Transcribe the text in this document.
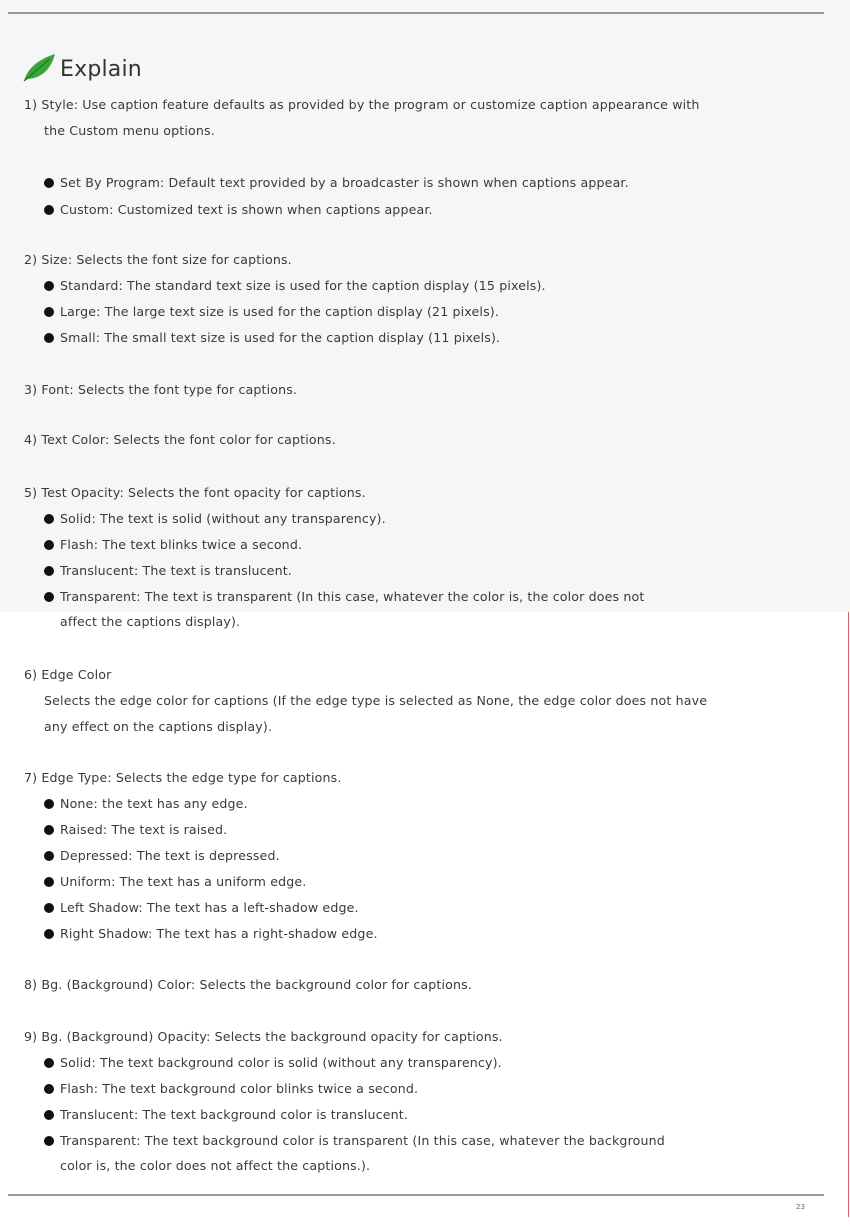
Explain
1) Style: Use caption feature defaults as provided by the program or customize caption appearance with
the Custom menu options.
Set By Program: Default text provided by a broadcaster is shown when captions appear.
Custom: Customized text is shown when captions appear.
2) Size: Selects the font size for captions.
Standard: The standard text size is used for the caption display (15 pixels).
Large: The large text size is used for the caption display (21 pixels).
Small: The small text size is used for the caption display (11 pixels).
3) Font: Selects the font type for captions.
4) Text Color: Selects the font color for captions.
5) Test Opacity: Selects the font opacity for captions.
Solid: The text is solid (without any transparency).
Flash: The text blinks twice a second.
Translucent: The text is translucent.
Transparent: The text is transparent (In this case, whatever the color is, the color does not
affect the captions display).
6) Edge Color
Selects the edge color for captions (If the edge type is selected as None, the edge color does not have
any effect on the captions display).
7) Edge Type: Selects the edge type for captions.
None: the text has any edge.
Raised: The text is raised.
Depressed: The text is depressed.
Uniform: The text has a uniform edge.
Left Shadow: The text has a left-shadow edge.
Right Shadow: The text has a right-shadow edge.
8) Bg. (Background) Color: Selects the background color for captions.
9) Bg. (Background) Opacity: Selects the background opacity for captions.
Solid: The text background color is solid (without any transparency).
Flash: The text background color blinks twice a second.
Translucent: The text background color is translucent.
Transparent: The text background color is transparent (In this case, whatever the background
color is, the color does not affect the captions.).
23
